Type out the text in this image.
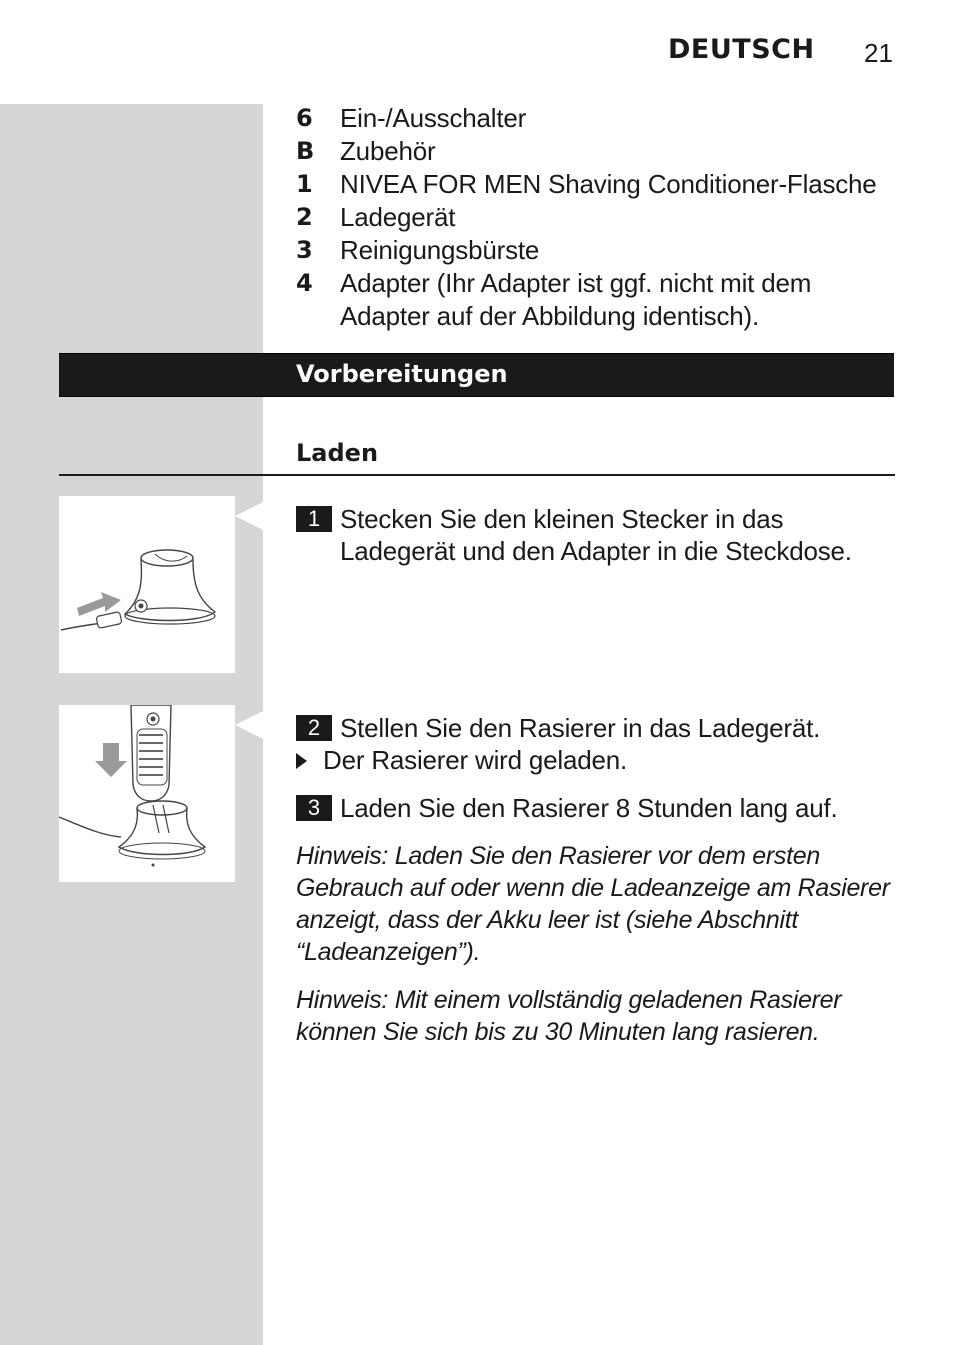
DEUTSCH 21
6 Ein-/Ausschalter
B Zubehör
1 NIVEA FOR MEN Shaving Conditioner-Flasche
2 Ladegerät
3 Reinigungsbürste
4 Adapter (Ihr Adapter ist ggf. nicht mit dem Adapter auf der Abbildung identisch).
Vorbereitungen
Laden
1 Stecken Sie den kleinen Stecker in das Ladegerät und den Adapter in die Steckdose.
2 Stellen Sie den Rasierer in das Ladegerät.
Der Rasierer wird geladen.
3 Laden Sie den Rasierer 8 Stunden lang auf.
Hinweis: Laden Sie den Rasierer vor dem ersten Gebrauch auf oder wenn die Ladeanzeige am Rasierer anzeigt, dass der Akku leer ist (siehe Abschnitt “Ladeanzeigen”).
Hinweis: Mit einem vollständig geladenen Rasierer können Sie sich bis zu 30 Minuten lang rasieren.
